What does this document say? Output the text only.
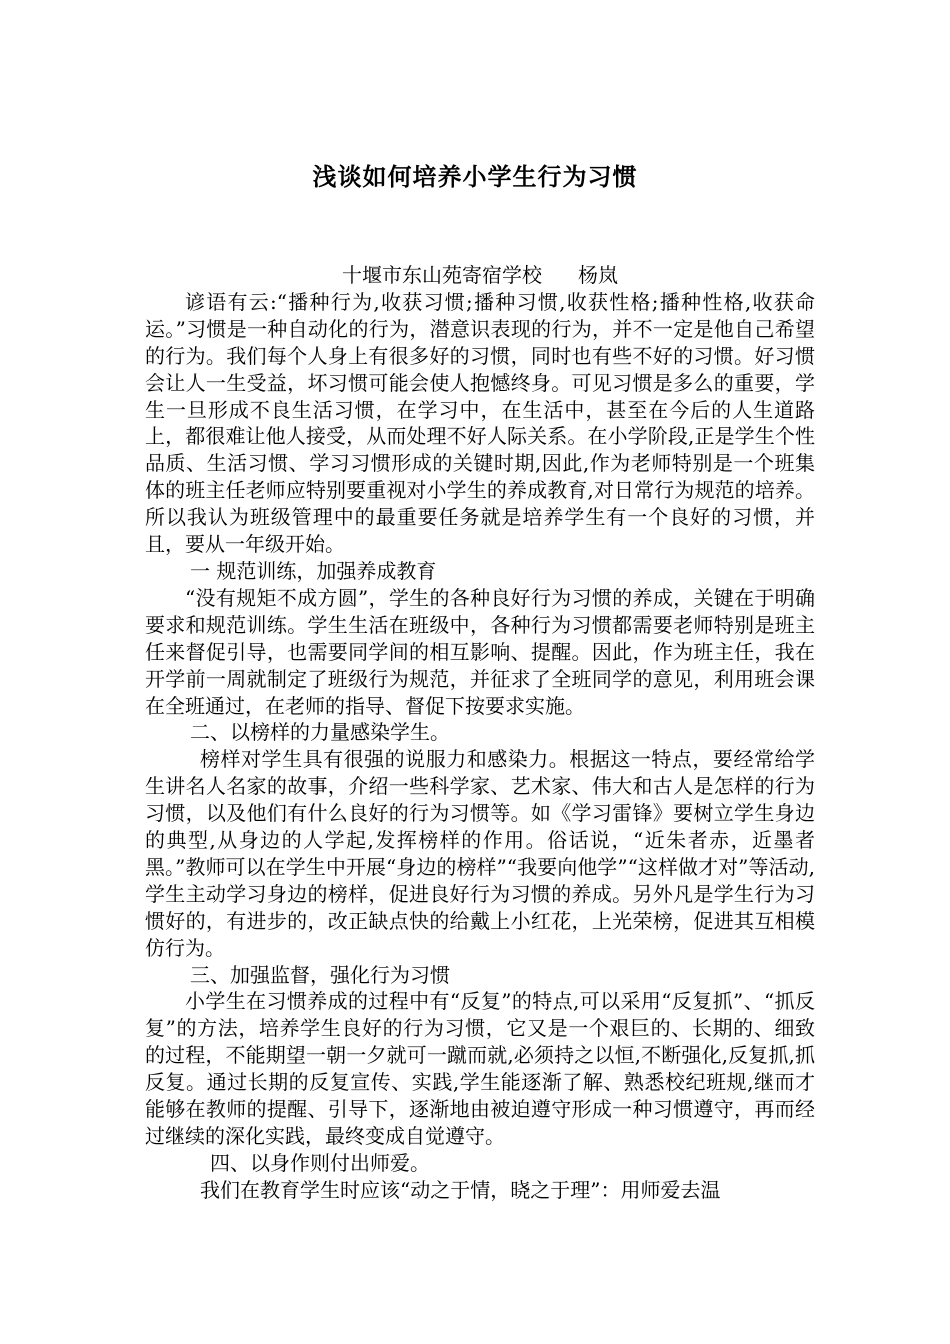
浅谈如何培养小学生行为习惯

十堰市东山苑寄宿学校 杨岚

谚语有云:“播种行为,收获习惯;播种习惯,收获性格;播种性格,收获命运。”习惯是一种自动化的行为，潜意识表现的行为，并不一定是他自己希望的行为。我们每个人身上有很多好的习惯，同时也有些不好的习惯。好习惯会让人一生受益，坏习惯可能会使人抱憾终身。可见习惯是多么的重要，学生一旦形成不良生活习惯，在学习中，在生活中，甚至在今后的人生道路上，都很难让他人接受，从而处理不好人际关系。在小学阶段,正是学生个性品质、生活习惯、学习习惯形成的关键时期,因此,作为老师特别是一个班集体的班主任老师应特别要重视对小学生的养成教育,对日常行为规范的培养。所以我认为班级管理中的最重要任务就是培养学生有一个良好的习惯，并且，要从一年级开始。

一 规范训练，加强养成教育

“没有规矩不成方圆”，学生的各种良好行为习惯的养成，关键在于明确要求和规范训练。学生生活在班级中，各种行为习惯都需要老师特别是班主任来督促引导，也需要同学间的相互影响、提醒。因此，作为班主任，我在开学前一周就制定了班级行为规范，并征求了全班同学的意见，利用班会课在全班通过，在老师的指导、督促下按要求实施。

二、以榜样的力量感染学生。

榜样对学生具有很强的说服力和感染力。根据这一特点，要经常给学生讲名人名家的故事，介绍一些科学家、艺术家、伟大和古人是怎样的行为习惯，以及他们有什么良好的行为习惯等。如《学习雷锋》要树立学生身边的典型,从身边的人学起,发挥榜样的作用。俗话说，“近朱者赤，近墨者黑。”教师可以在学生中开展“身边的榜样”“我要向他学”“这样做才对”等活动,学生主动学习身边的榜样，促进良好行为习惯的养成。另外凡是学生行为习惯好的，有进步的，改正缺点快的给戴上小红花，上光荣榜，促进其互相模仿行为。

三、加强监督，强化行为习惯

小学生在习惯养成的过程中有“反复”的特点,可以采用“反复抓”、“抓反复”的方法，培养学生良好的行为习惯，它又是一个艰巨的、长期的、细致的过程，不能期望一朝一夕就可一蹴而就,必须持之以恒,不断强化,反复抓,抓反复。通过长期的反复宣传、实践,学生能逐渐了解、熟悉校纪班规,继而才能够在教师的提醒、引导下，逐渐地由被迫遵守形成一种习惯遵守，再而经过继续的深化实践，最终变成自觉遵守。

四、以身作则付出师爱。

我们在教育学生时应该“动之于情，晓之于理”：用师爱去温
